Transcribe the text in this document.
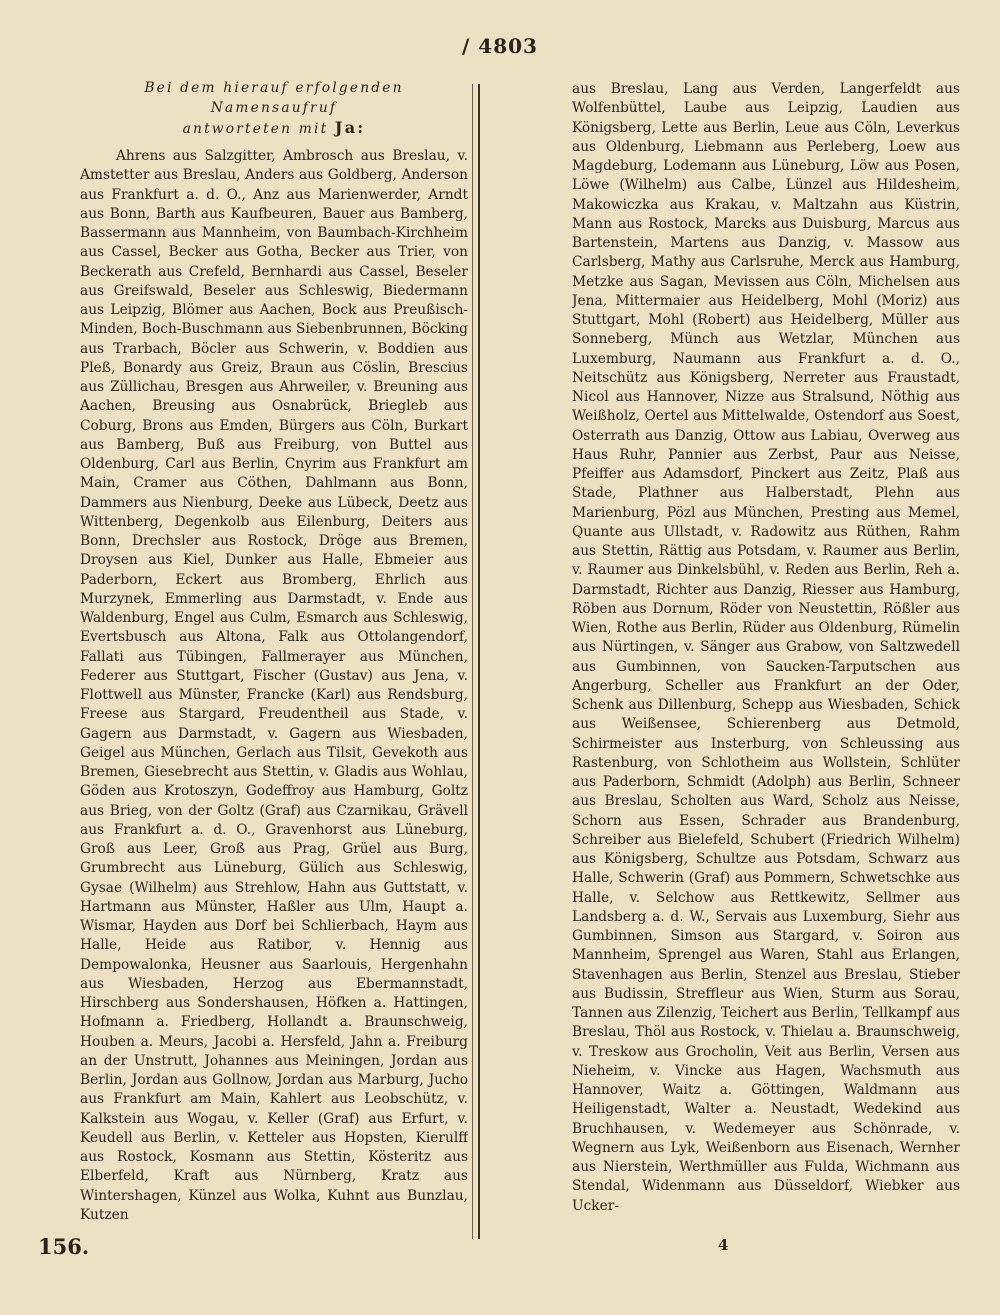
/ 4803
Bei dem hierauf erfolgenden Namensaufruf
antworteten mit Ja:

Ahrens aus Salzgitter, Ambrosch aus Breslau, v. Amstetter aus Breslau, Anders aus Goldberg, Anderson aus Frankfurt a. d. O., Anz aus Marienwerder, Arndt aus Bonn, Barth aus Kaufbeuren, Bauer aus Bamberg, Bassermann aus Mannheim, von Baumbach-Kirchheim aus Cassel, Becker aus Gotha, Becker aus Trier, von Beckerath aus Crefeld, Bernhardi aus Cassel, Beseler aus Greifswald, Beseler aus Schleswig, Biedermann aus Leipzig, Blömer aus Aachen, Bock aus Preußisch-Minden, Boch-Buschmann aus Siebenbrunnen, Böcking aus Trarbach, Böcler aus Schwerin, v. Boddien aus Pleß, Bonardy aus Greiz, Braun aus Cöslin, Brescius aus Züllichau, Bresgen aus Ahrweiler, v. Breuning aus Aachen, Breusing aus Osnabrück, Briegleb aus Coburg, Brons aus Emden, Bürgers aus Cöln, Burkart aus Bamberg, Buß aus Freiburg, von Buttel aus Oldenburg, Carl aus Berlin, Cnyrim aus Frankfurt am Main, Cramer aus Cöthen, Dahlmann aus Bonn, Dammers aus Nienburg, Deeke aus Lübeck, Deetz aus Wittenberg, Degenkolb aus Eilenburg, Deiters aus Bonn, Drechsler aus Rostock, Dröge aus Bremen, Droysen aus Kiel, Dunker aus Halle, Ebmeier aus Paderborn, Eckert aus Bromberg, Ehrlich aus Murzynek, Emmerling aus Darmstadt, v. Ende aus Waldenburg, Engel aus Culm, Esmarch aus Schleswig, Evertsbusch aus Altona, Falk aus Ottolangendorf, Fallati aus Tübingen, Fallmerayer aus München, Federer aus Stuttgart, Fischer (Gustav) aus Jena, v. Flottwell aus Münster, Francke (Karl) aus Rendsburg, Freese aus Stargard, Freudentheil aus Stade, v. Gagern aus Darmstadt, v. Gagern aus Wiesbaden, Geigel aus München, Gerlach aus Tilsit, Gevekoth aus Bremen, Giesebrecht aus Stettin, v. Gladis aus Wohlau, Göden aus Krotoszyn, Godeffroy aus Hamburg, Goltz aus Brieg, von der Goltz (Graf) aus Czarnikau, Grävell aus Frankfurt a. d. O., Gravenhorst aus Lüneburg, Groß aus Leer, Groß aus Prag, Grüel aus Burg, Grumbrecht aus Lüneburg, Gülich aus Schleswig, Gysae (Wilhelm) aus Strehlow, Hahn aus Guttstatt, v. Hartmann aus Münster, Haßler aus Ulm, Haupt a. Wismar, Hayden aus Dorf bei Schlierbach, Haym aus Halle, Heide aus Ratibor, v. Hennig aus Dempowalonka, Heusner aus Saarlouis, Hergenhahn aus Wiesbaden, Herzog aus Ebermannstadt, Hirschberg aus Sondershausen, Höfken a. Hattingen, Hofmann a. Friedberg, Hollandt a. Braunschweig, Houben a. Meurs, Jacobi a. Hersfeld, Jahn a. Freiburg an der Unstrutt, Johannes aus Meiningen, Jordan aus Berlin, Jordan aus Gollnow, Jordan aus Marburg, Jucho aus Frankfurt am Main, Kahlert aus Leobschütz, v. Kalkstein aus Wogau, v. Keller (Graf) aus Erfurt, v. Keudell aus Berlin, v. Ketteler aus Hopsten, Kierulff aus Rostock, Kosmann aus Stettin, Kösteritz aus Elberfeld, Kraft aus Nürnberg, Kratz aus Wintershagen, Künzel aus Wolka, Kuhnt aus Bunzlau, Kutzen

aus Breslau, Lang aus Verden, Langerfeldt aus Wolfenbüttel, Laube aus Leipzig, Laudien aus Königsberg, Lette aus Berlin, Leue aus Cöln, Leverkus aus Oldenburg, Liebmann aus Perleberg, Loew aus Magdeburg, Lodemann aus Lüneburg, Löw aus Posen, Löwe (Wilhelm) aus Calbe, Lünzel aus Hildesheim, Makowiczka aus Krakau, v. Maltzahn aus Küstrin, Mann aus Rostock, Marcks aus Duisburg, Marcus aus Bartenstein, Martens aus Danzig, v. Massow aus Carlsberg, Mathy aus Carlsruhe, Merck aus Hamburg, Metzke aus Sagan, Mevissen aus Cöln, Michelsen aus Jena, Mittermaier aus Heidelberg, Mohl (Moriz) aus Stuttgart, Mohl (Robert) aus Heidelberg, Müller aus Sonneberg, Münch aus Wetzlar, München aus Luxemburg, Naumann aus Frankfurt a. d. O., Neitschütz aus Königsberg, Nerreter aus Fraustadt, Nicol aus Hannover, Nizze aus Stralsund, Nöthig aus Weißholz, Oertel aus Mittelwalde, Ostendorf aus Soest, Osterrath aus Danzig, Ottow aus Labiau, Overweg aus Haus Ruhr, Pannier aus Zerbst, Paur aus Neisse, Pfeiffer aus Adamsdorf, Pinckert aus Zeitz, Plaß aus Stade, Plathner aus Halberstadt, Plehn aus Marienburg, Pözl aus München, Presting aus Memel, Quante aus Ullstadt, v. Radowitz aus Rüthen, Rahm aus Stettin, Rättig aus Potsdam, v. Raumer aus Berlin, v. Raumer aus Dinkelsbühl, v. Reden aus Berlin, Reh a. Darmstadt, Richter aus Danzig, Riesser aus Hamburg, Röben aus Dornum, Röder von Neustettin, Rößler aus Wien, Rothe aus Berlin, Rüder aus Oldenburg, Rümelin aus Nürtingen, v. Sänger aus Grabow, von Saltzwedell aus Gumbinnen, von Saucken-Tarputschen aus Angerburg, Scheller aus Frankfurt an der Oder, Schenk aus Dillenburg, Schepp aus Wiesbaden, Schick aus Weißensee, Schierenberg aus Detmold, Schirmeister aus Insterburg, von Schleussing aus Rastenburg, von Schlotheim aus Wollstein, Schlüter aus Paderborn, Schmidt (Adolph) aus Berlin, Schneer aus Breslau, Scholten aus Ward, Scholz aus Neisse, Schorn aus Essen, Schrader aus Brandenburg, Schreiber aus Bielefeld, Schubert (Friedrich Wilhelm) aus Königsberg, Schultze aus Potsdam, Schwarz aus Halle, Schwerin (Graf) aus Pommern, Schwetschke aus Halle, v. Selchow aus Rettkewitz, Sellmer aus Landsberg a. d. W., Servais aus Luxemburg, Siehr aus Gumbinnen, Simson aus Stargard, v. Soiron aus Mannheim, Sprengel aus Waren, Stahl aus Erlangen, Stavenhagen aus Berlin, Stenzel aus Breslau, Stieber aus Budissin, Streffleur aus Wien, Sturm aus Sorau, Tannen aus Zilenzig, Teichert aus Berlin, Tellkampf aus Breslau, Thöl aus Rostock, v. Thielau a. Braunschweig, v. Treskow aus Grocholin, Veit aus Berlin, Versen aus Nieheim, v. Vincke aus Hagen, Wachsmuth aus Hannover, Waitz a. Göttingen, Waldmann aus Heiligenstadt, Walter a. Neustadt, Wedekind aus Bruchhausen, v. Wedemeyer aus Schönrade, v. Wegnern aus Lyk, Weißenborn aus Eisenach, Wernher aus Nierstein, Werthmüller aus Fulda, Wichmann aus Stendal, Widenmann aus Düsseldorf, Wiebker aus Ucker-

156.	4
